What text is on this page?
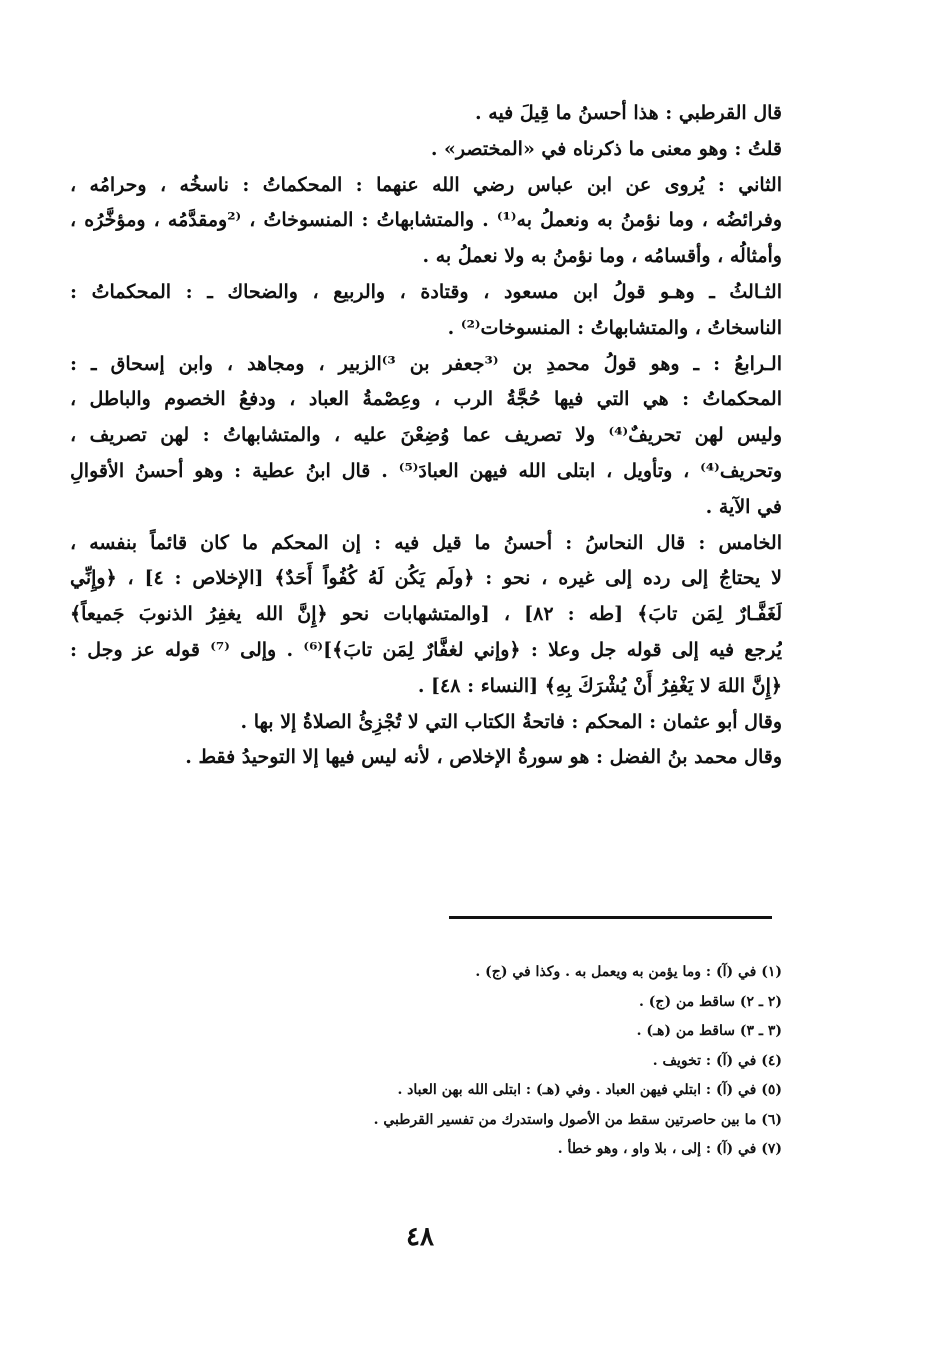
قال القرطبي : هذا أحسنُ ما قِيلَ فيه .
قلتُ : وهو معنى ما ذكرناه في «المختصر» .
الثاني : يُروى عن ابن عباس رضي الله عنهما : المحكماتُ : ناسخُه ، وحرامُه ،
وفرائضُه ، وما نؤمنُ به ونعملُ به⁽¹⁾ . والمتشابهاتُ : المنسوخاتُ ، ⁽²ومقدَّمُه ، ومؤخَّرُه ،
وأمثالُه ، وأقسامُه ، وما نؤمنُ به ولا نعملُ به .
الثـالثُ ـ وهـو قولُ ابن مسعود ، وقتادة ، والربيع ، والضحاك ـ : المحكماتُ :
الناسخاتُ ، والمتشابهاتُ : المنسوخات⁽²⁾ .
الـرابعُ : ـ وهو قولُ محمدِ بن ⁽³جعفر بن ³⁾الزبير ، ومجاهد ، وابن إسحاق ـ :
المحكماتُ : هي التي فيها حُجَّةُ الرب ، وعِصْمةُ العباد ، ودفعُ الخصوم والباطل ،
وليس لهن تحريفٌ⁽⁴⁾ ولا تصريف عما وُضِعْنَ عليه ، والمتشابهاتُ : لهن تصريف ،
وتحريف⁽⁴⁾ ، وتأويل ، ابتلى الله فيهن العبادَ⁽⁵⁾ . قال ابنُ عطية : وهو أحسنُ الأقوالِ
في الآية .
الخامس : قال النحاسُ : أحسنُ ما قيل فيه : إن المحكم ما كان قائماً بنفسه ،
لا يحتاجُ إلى رده إلى غيره ، نحو : ﴿ولَم يَكُن لَهُ كُفُواً أَحَدٌ﴾ [الإخلاص : ٤] ، ﴿وإِنِّي
لَغَفَّـارٌ لِمَن تابَ﴾ [طه : ٨٢] ، [والمتشهابات نحو ﴿إِنَّ الله يغفِرُ الذنوبَ جَميعاً﴾
يُرجع فيه إلى قوله جل وعلا : ﴿وإني لغفَّارٌ لِمَن تابَ﴾]⁽⁶⁾ . وإلى ⁽⁷⁾ قوله عز وجل :
﴿إِنَّ اللهَ لا يَغْفِرُ أَنْ يُشْرَكَ بِهِ﴾ [النساء : ٤٨] .
وقال أبو عثمان : المحكم : فاتحةُ الكتاب التي لا تُجْزِئُ الصلاةُ إلا بها .
وقال محمد بنُ الفضل : هو سورةُ الإخلاص ، لأنه ليس فيها إلا التوحيدُ فقط .
(١) في (آ) : وما يؤمن به ويعمل به . وكذا في (ج) .
(٢ ـ ٢) ساقط من (ج) .
(٣ ـ ٣) ساقط من (هـ) .
(٤) في (آ) : تخويف .
(٥) في (آ) : ابتلي فيهن العباد . وفي (هـ) : ابتلى الله بهن العباد .
(٦) ما بين حاصرتين سقط من الأصول واستدرك من تفسير القرطبي .
(٧) في (آ) : إلى ، بلا واو ، وهو خطأ .
٤٨
